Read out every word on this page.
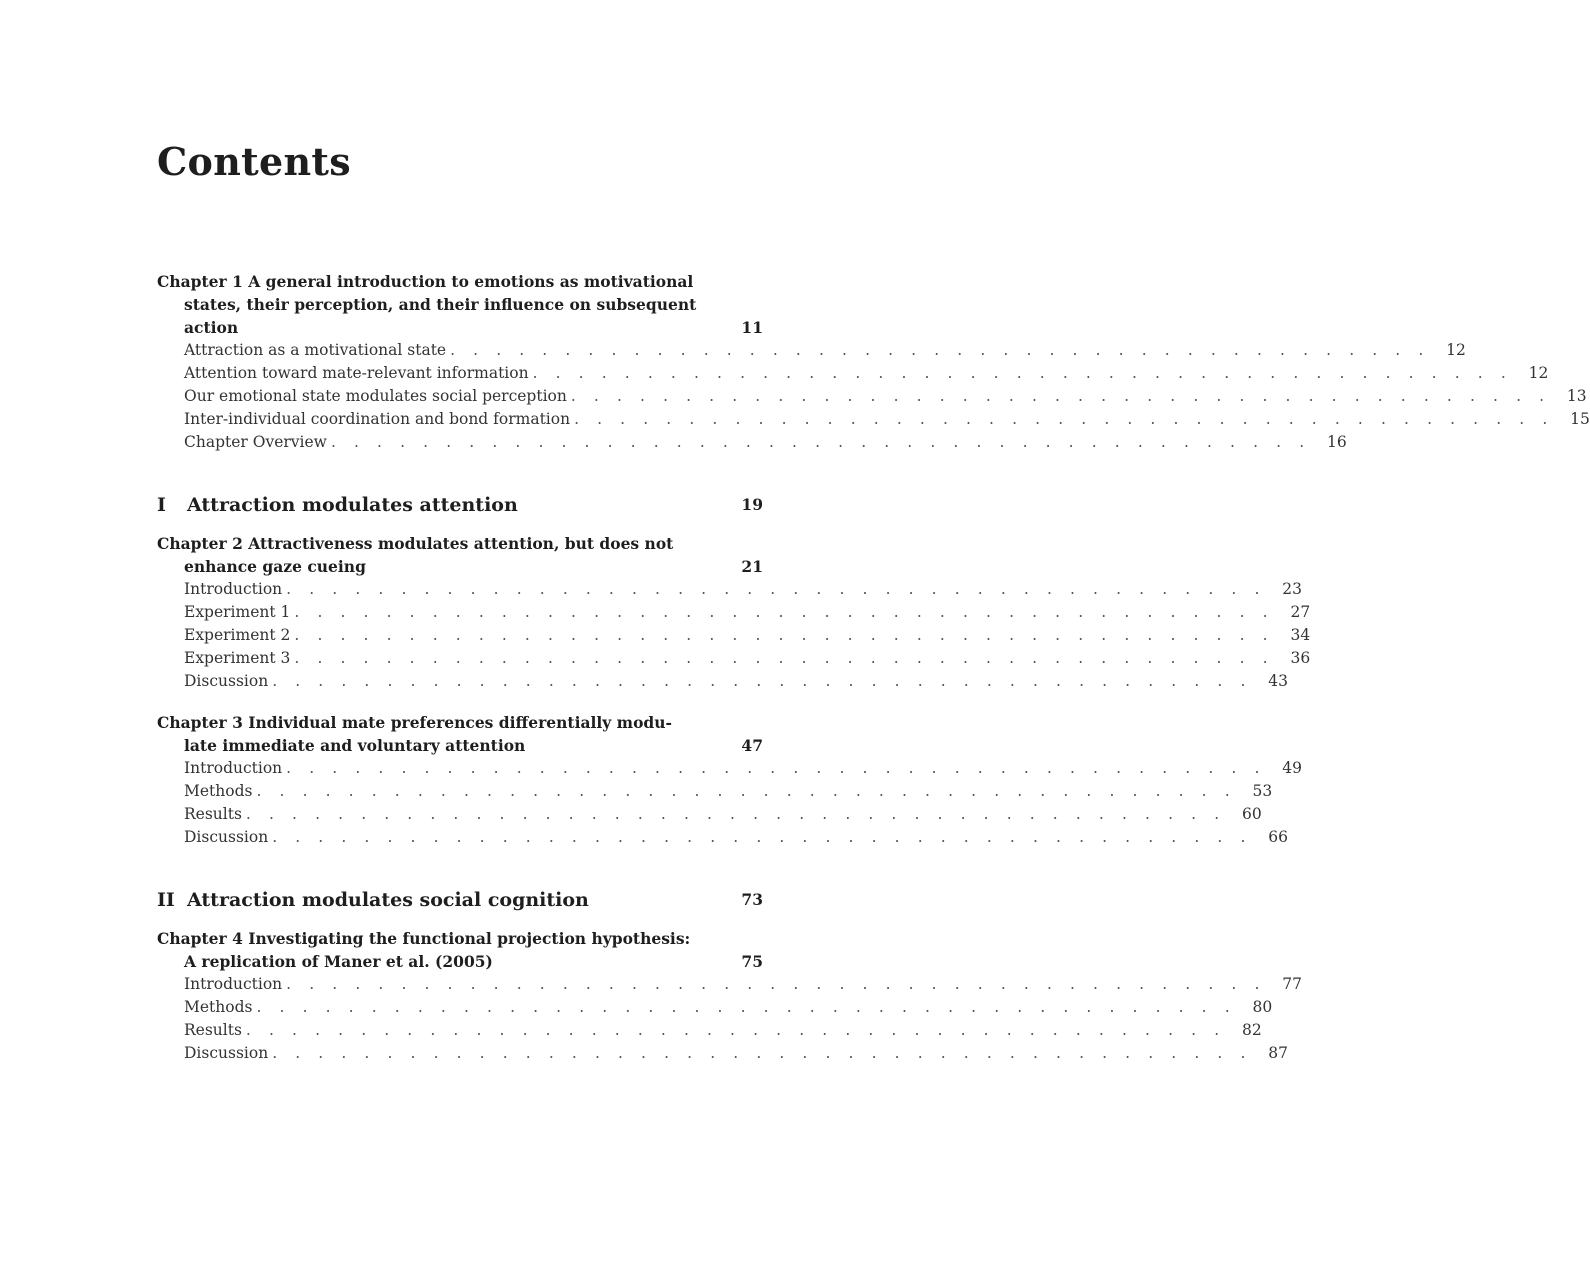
Contents
Chapter 1 A general introduction to emotions as motivational
states, their perception, and their influence on subsequent
action	11
Attraction as a motivational state . . . . . . . . . . . . . . . . . . . . . . . . . . . . . . . . . . . . . . . . . . .	12
Attention toward mate-relevant information . . . . . . . . . . . . . . . . . . . . . . . . . . . . . . . . . . . . . . . . . . .	12
Our emotional state modulates social perception . . . . . . . . . . . . . . . . . . . . . . . . . . . . . . . . . . . . . . . . . . .	13
Inter-individual coordination and bond formation . . . . . . . . . . . . . . . . . . . . . . . . . . . . . . . . . . . . . . . . . . .	15
Chapter Overview . . . . . . . . . . . . . . . . . . . . . . . . . . . . . . . . . . . . . . . . . . .	16
I Attraction modulates attention	19
Chapter 2 Attractiveness modulates attention, but does not
enhance gaze cueing	21
Introduction . . . . . . . . . . . . . . . . . . . . . . . . . . . . . . . . . . . . . . . . . . .	23
Experiment 1 . . . . . . . . . . . . . . . . . . . . . . . . . . . . . . . . . . . . . . . . . . .	27
Experiment 2 . . . . . . . . . . . . . . . . . . . . . . . . . . . . . . . . . . . . . . . . . . .	34
Experiment 3 . . . . . . . . . . . . . . . . . . . . . . . . . . . . . . . . . . . . . . . . . . .	36
Discussion . . . . . . . . . . . . . . . . . . . . . . . . . . . . . . . . . . . . . . . . . . .	43
Chapter 3 Individual mate preferences differentially modu-
late immediate and voluntary attention	47
Introduction . . . . . . . . . . . . . . . . . . . . . . . . . . . . . . . . . . . . . . . . . . .	49
Methods . . . . . . . . . . . . . . . . . . . . . . . . . . . . . . . . . . . . . . . . . . .	53
Results . . . . . . . . . . . . . . . . . . . . . . . . . . . . . . . . . . . . . . . . . . .	60
Discussion . . . . . . . . . . . . . . . . . . . . . . . . . . . . . . . . . . . . . . . . . . .	66
II Attraction modulates social cognition	73
Chapter 4 Investigating the functional projection hypothesis:
A replication of Maner et al. (2005)	75
Introduction . . . . . . . . . . . . . . . . . . . . . . . . . . . . . . . . . . . . . . . . . . .	77
Methods . . . . . . . . . . . . . . . . . . . . . . . . . . . . . . . . . . . . . . . . . . .	80
Results . . . . . . . . . . . . . . . . . . . . . . . . . . . . . . . . . . . . . . . . . . .	82
Discussion . . . . . . . . . . . . . . . . . . . . . . . . . . . . . . . . . . . . . . . . . . .	87
